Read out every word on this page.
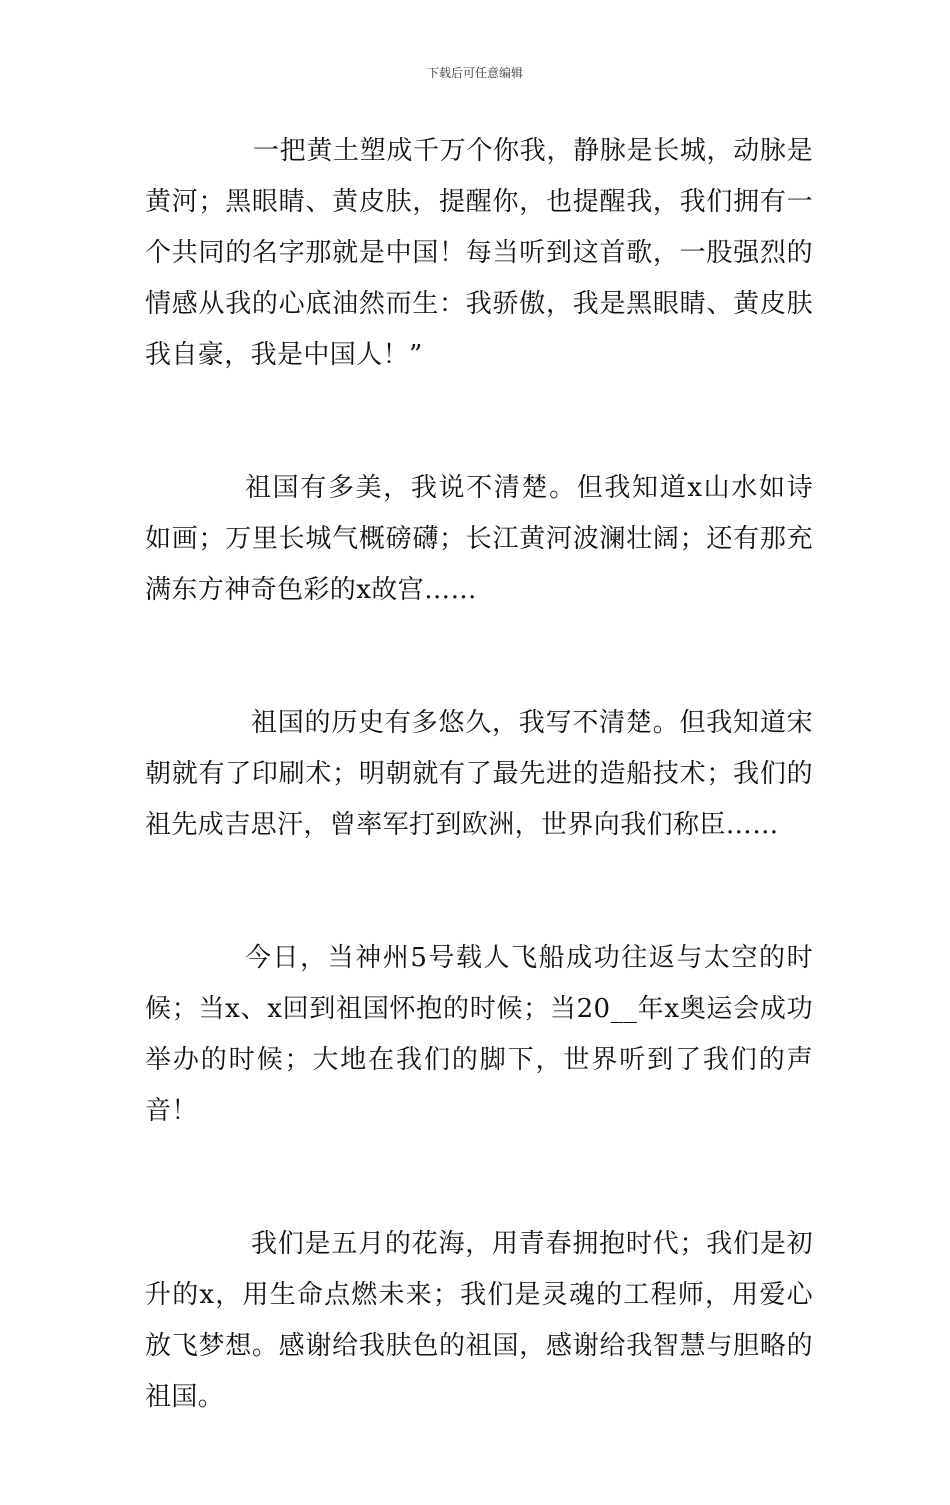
下载后可任意编辑

一把黄土塑成千万个你我，静脉是长城，动脉是黄河；黑眼睛、黄皮肤，提醒你，也提醒我，我们拥有一个共同的名字那就是中国！每当听到这首歌，一股强烈的情感从我的心底油然而生：我骄傲，我是黑眼睛、黄皮肤我自豪，我是中国人！”

祖国有多美，我说不清楚。但我知道x山水如诗如画；万里长城气概磅礴；长江黄河波澜壮阔；还有那充满东方神奇色彩的x故宫……

祖国的历史有多悠久，我写不清楚。但我知道宋朝就有了印刷术；明朝就有了最先进的造船技术；我们的祖先成吉思汗，曾率军打到欧洲，世界向我们称臣……

今日，当神州5号载人飞船成功往返与太空的时候；当x、x回到祖国怀抱的时候；当20__年x奥运会成功举办的时候；大地在我们的脚下，世界听到了我们的声音！

我们是五月的花海，用青春拥抱时代；我们是初升的x，用生命点燃未来；我们是灵魂的工程师，用爱心放飞梦想。感谢给我肤色的祖国，感谢给我智慧与胆略的祖国。
